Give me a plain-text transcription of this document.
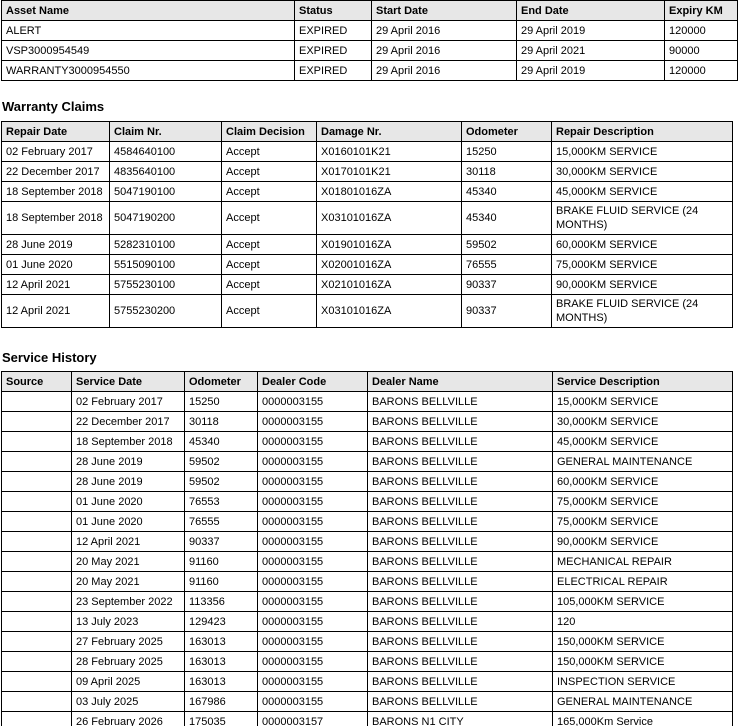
Asset Name	Status	Start Date	End Date	Expiry KM
ALERT	EXPIRED	29 April 2016	29 April 2019	120000
VSP3000954549	EXPIRED	29 April 2016	29 April 2021	90000
WARRANTY3000954550	EXPIRED	29 April 2016	29 April 2019	120000
Warranty Claims
Repair Date	Claim Nr.	Claim Decision	Damage Nr.	Odometer	Repair Description
02 February 2017	4584640100	Accept	X0160101K21	15250	15,000KM SERVICE
22 December 2017	4835640100	Accept	X0170101K21	30118	30,000KM SERVICE
18 September 2018	5047190100	Accept	X01801016ZA	45340	45,000KM SERVICE
18 September 2018	5047190200	Accept	X03101016ZA	45340	BRAKE FLUID SERVICE (24 MONTHS)
28 June 2019	5282310100	Accept	X01901016ZA	59502	60,000KM SERVICE
01 June 2020	5515090100	Accept	X02001016ZA	76555	75,000KM SERVICE
12 April 2021	5755230100	Accept	X02101016ZA	90337	90,000KM SERVICE
12 April 2021	5755230200	Accept	X03101016ZA	90337	BRAKE FLUID SERVICE (24 MONTHS)
Service History
Source	Service Date	Odometer	Dealer Code	Dealer Name	Service Description
	02 February 2017	15250	0000003155	BARONS BELLVILLE	15,000KM SERVICE
	22 December 2017	30118	0000003155	BARONS BELLVILLE	30,000KM SERVICE
	18 September 2018	45340	0000003155	BARONS BELLVILLE	45,000KM SERVICE
	28 June 2019	59502	0000003155	BARONS BELLVILLE	GENERAL MAINTENANCE
	28 June 2019	59502	0000003155	BARONS BELLVILLE	60,000KM SERVICE
	01 June 2020	76553	0000003155	BARONS BELLVILLE	75,000KM SERVICE
	01 June 2020	76555	0000003155	BARONS BELLVILLE	75,000KM SERVICE
	12 April 2021	90337	0000003155	BARONS BELLVILLE	90,000KM SERVICE
	20 May 2021	91160	0000003155	BARONS BELLVILLE	MECHANICAL REPAIR
	20 May 2021	91160	0000003155	BARONS BELLVILLE	ELECTRICAL REPAIR
	23 September 2022	113356	0000003155	BARONS BELLVILLE	105,000KM SERVICE
	13 July 2023	129423	0000003155	BARONS BELLVILLE	120
	27 February 2025	163013	0000003155	BARONS BELLVILLE	150,000KM SERVICE
	28 February 2025	163013	0000003155	BARONS BELLVILLE	150,000KM SERVICE
	09 April 2025	163013	0000003155	BARONS BELLVILLE	INSPECTION SERVICE
	03 July 2025	167986	0000003155	BARONS BELLVILLE	GENERAL MAINTENANCE
	26 February 2026	175035	0000003157	BARONS N1 CITY	165,000Km Service
